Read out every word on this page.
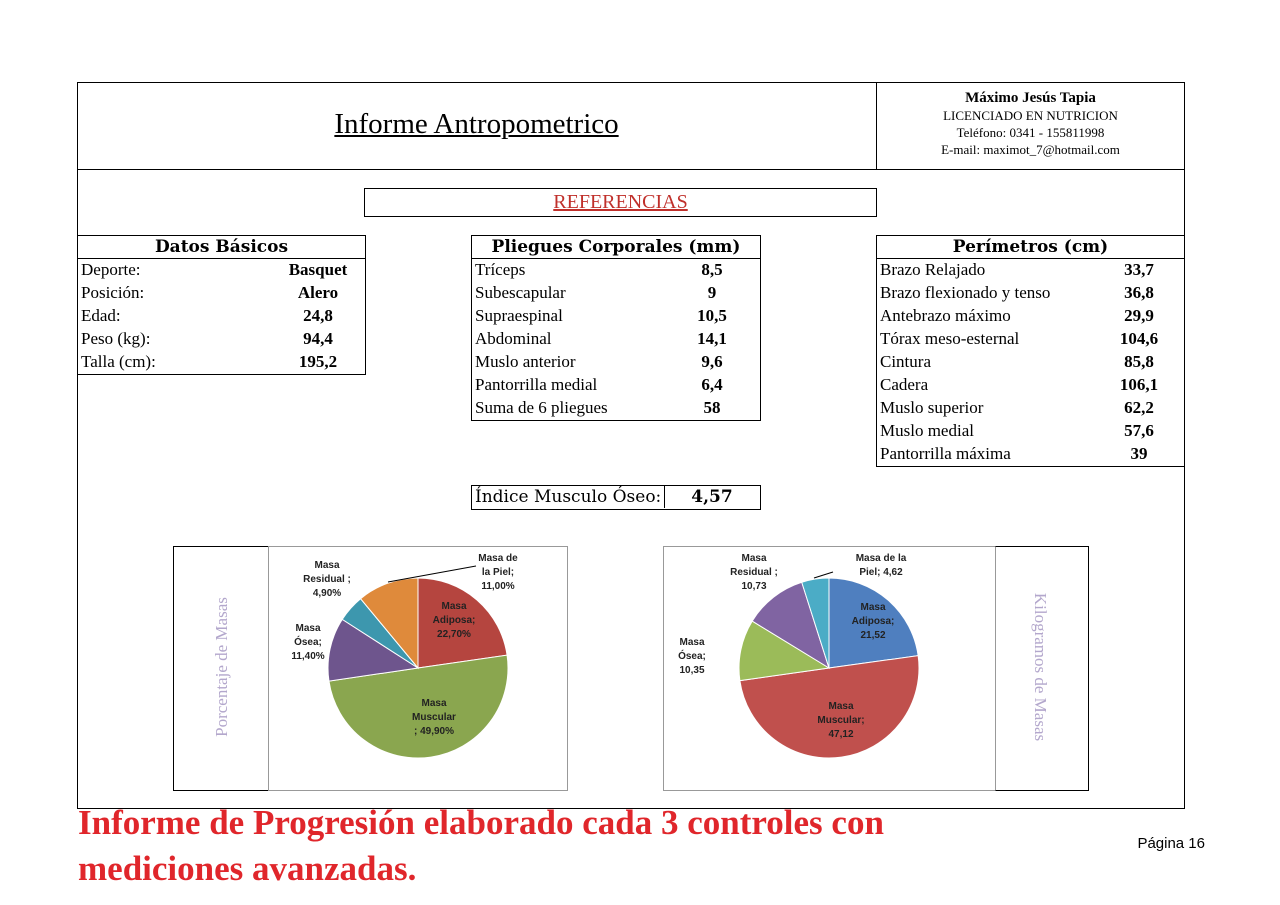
Informe Antropometrico
Máximo Jesús Tapia
LICENCIADO EN NUTRICION
Teléfono: 0341 - 155811998
E-mail: maximot_7@hotmail.com
REFERENCIAS
Datos Básicos
Deporte:	Basquet
Posición:	Alero
Edad:	24,8
Peso (kg):	94,4
Talla (cm):	195,2
Pliegues Corporales (mm)
Tríceps	8,5
Subescapular	9
Supraespinal	10,5
Abdominal	14,1
Muslo anterior	9,6
Pantorrilla medial	6,4
Suma de 6 pliegues	58
Perímetros (cm)
Brazo Relajado	33,7
Brazo flexionado y tenso	36,8
Antebrazo máximo	29,9
Tórax meso-esternal	104,6
Cintura	85,8
Cadera	106,1
Muslo superior	62,2
Muslo medial	57,6
Pantorrilla máxima	39
Índice Musculo Óseo:	4,57
Porcentaje de Masas	Masa
Adiposa;
22,70%
Masa
Muscular
; 49,90%
Masa
Ósea;
11,40%
Masa
Residual ;
4,90%
Masa de
la Piel;
11,00%
Kilogramos de Masas
Masa
Adiposa;
21,52
Masa
Muscular;
47,12
Masa
Ósea;
10,35
Masa
Residual ;
10,73
Masa de la
Piel; 4,62
Informe de Progresión elaborado cada 3 controles con
mediciones avanzadas.
Página 16
